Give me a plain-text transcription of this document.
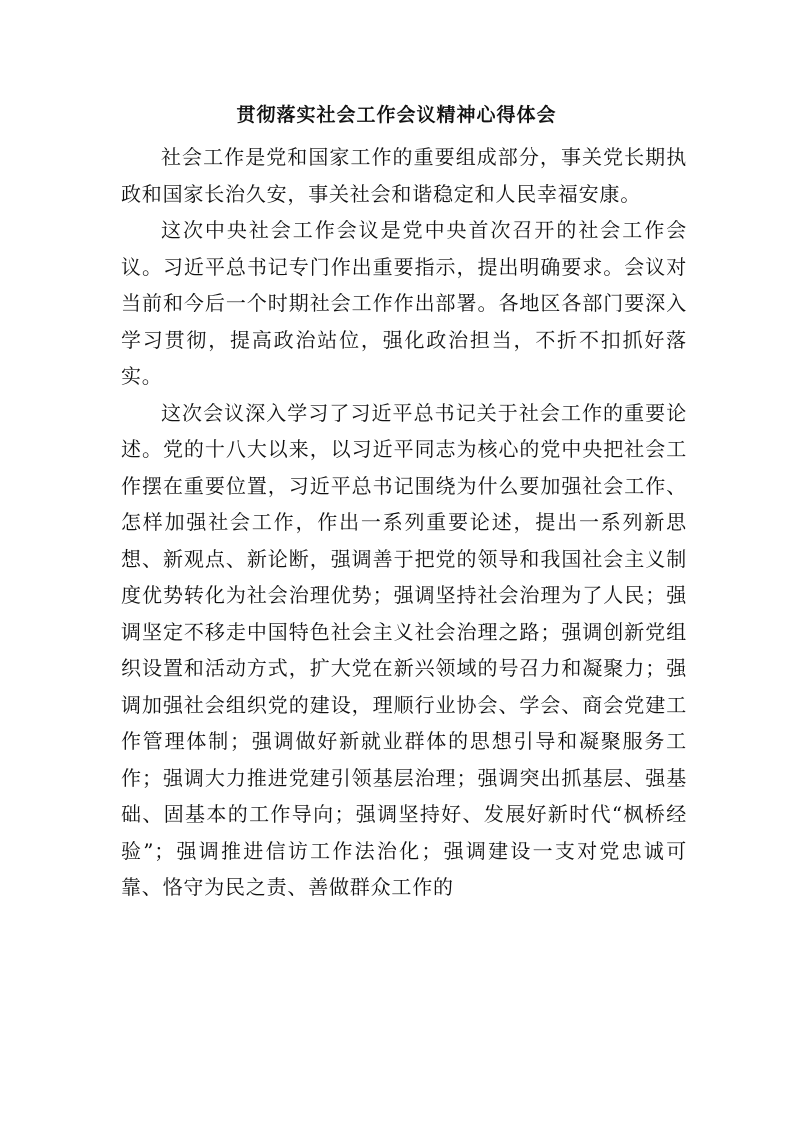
贯彻落实社会工作会议精神心得体会

社会工作是党和国家工作的重要组成部分，事关党长期执政和国家长治久安，事关社会和谐稳定和人民幸福安康。

这次中央社会工作会议是党中央首次召开的社会工作会议。习近平总书记专门作出重要指示，提出明确要求。会议对当前和今后一个时期社会工作作出部署。各地区各部门要深入学习贯彻，提高政治站位，强化政治担当，不折不扣抓好落实。

这次会议深入学习了习近平总书记关于社会工作的重要论述。党的十八大以来，以习近平同志为核心的党中央把社会工作摆在重要位置，习近平总书记围绕为什么要加强社会工作、怎样加强社会工作，作出一系列重要论述，提出一系列新思想、新观点、新论断，强调善于把党的领导和我国社会主义制度优势转化为社会治理优势；强调坚持社会治理为了人民；强调坚定不移走中国特色社会主义社会治理之路；强调创新党组织设置和活动方式，扩大党在新兴领域的号召力和凝聚力；强调加强社会组织党的建设，理顺行业协会、学会、商会党建工作管理体制；强调做好新就业群体的思想引导和凝聚服务工作；强调大力推进党建引领基层治理；强调突出抓基层、强基础、固基本的工作导向；强调坚持好、发展好新时代“枫桥经验”；强调推进信访工作法治化；强调建设一支对党忠诚可靠、恪守为民之责、善做群众工作的
